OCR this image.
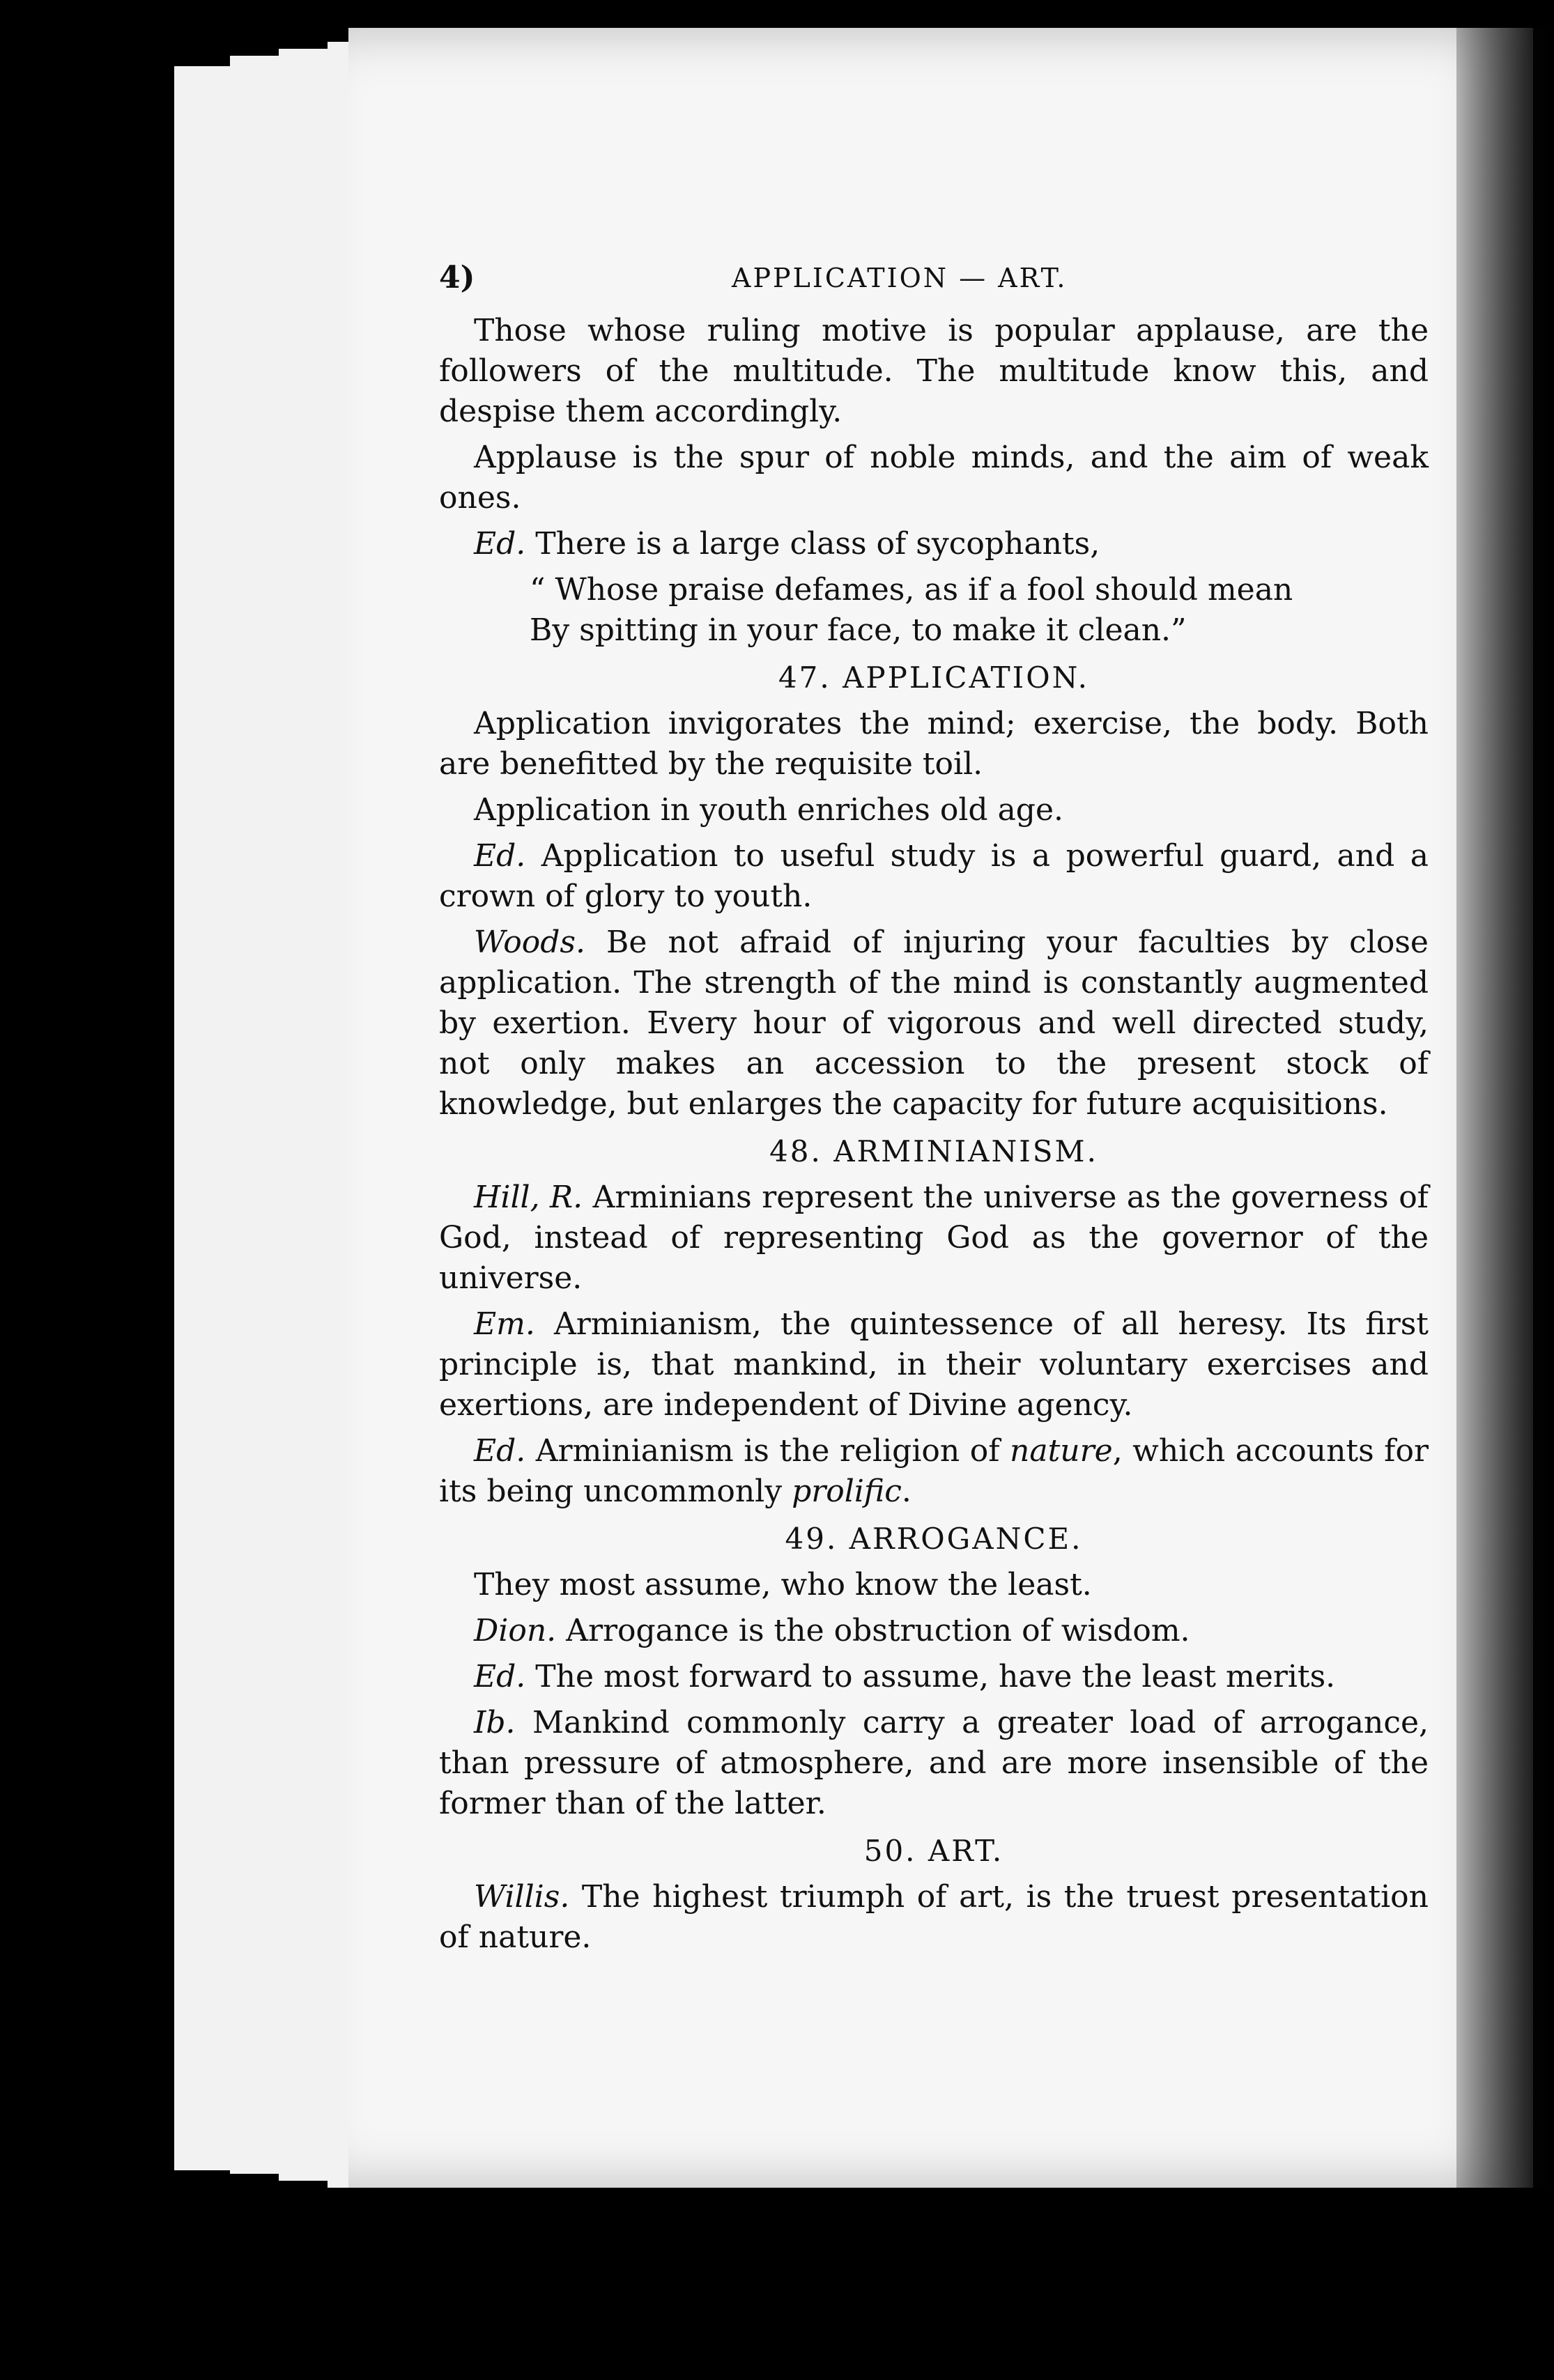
4)	APPLICATION — ART.

Those whose ruling motive is popular applause, are the followers of the multitude. The multitude know this, and despise them accordingly.

Applause is the spur of noble minds, and the aim of weak ones.

Ed. There is a large class of sycophants,

“ Whose praise defames, as if a fool should mean
By spitting in your face, to make it clean.”
47. APPLICATION.

Application invigorates the mind; exercise, the body. Both are benefitted by the requisite toil.

Application in youth enriches old age.

Ed. Application to useful study is a powerful guard, and a crown of glory to youth.

Woods. Be not afraid of injuring your faculties by close application. The strength of the mind is constantly augmented by exertion. Every hour of vigorous and well directed study, not only makes an accession to the present stock of knowledge, but enlarges the capacity for future acquisitions.

48. ARMINIANISM.

Hill, R. Arminians represent the universe as the governess of God, instead of representing God as the governor of the universe.

Em. Arminianism, the quintessence of all heresy. Its first principle is, that mankind, in their voluntary exercises and exertions, are independent of Divine agency.

Ed. Arminianism is the religion of nature, which accounts for its being uncommonly prolific.

49. ARROGANCE.

They most assume, who know the least.

Dion. Arrogance is the obstruction of wisdom.

Ed. The most forward to assume, have the least merits.

Ib. Mankind commonly carry a greater load of arrogance, than pressure of atmosphere, and are more insensible of the former than of the latter.

50. ART.

Willis. The highest triumph of art, is the truest presentation of nature.
